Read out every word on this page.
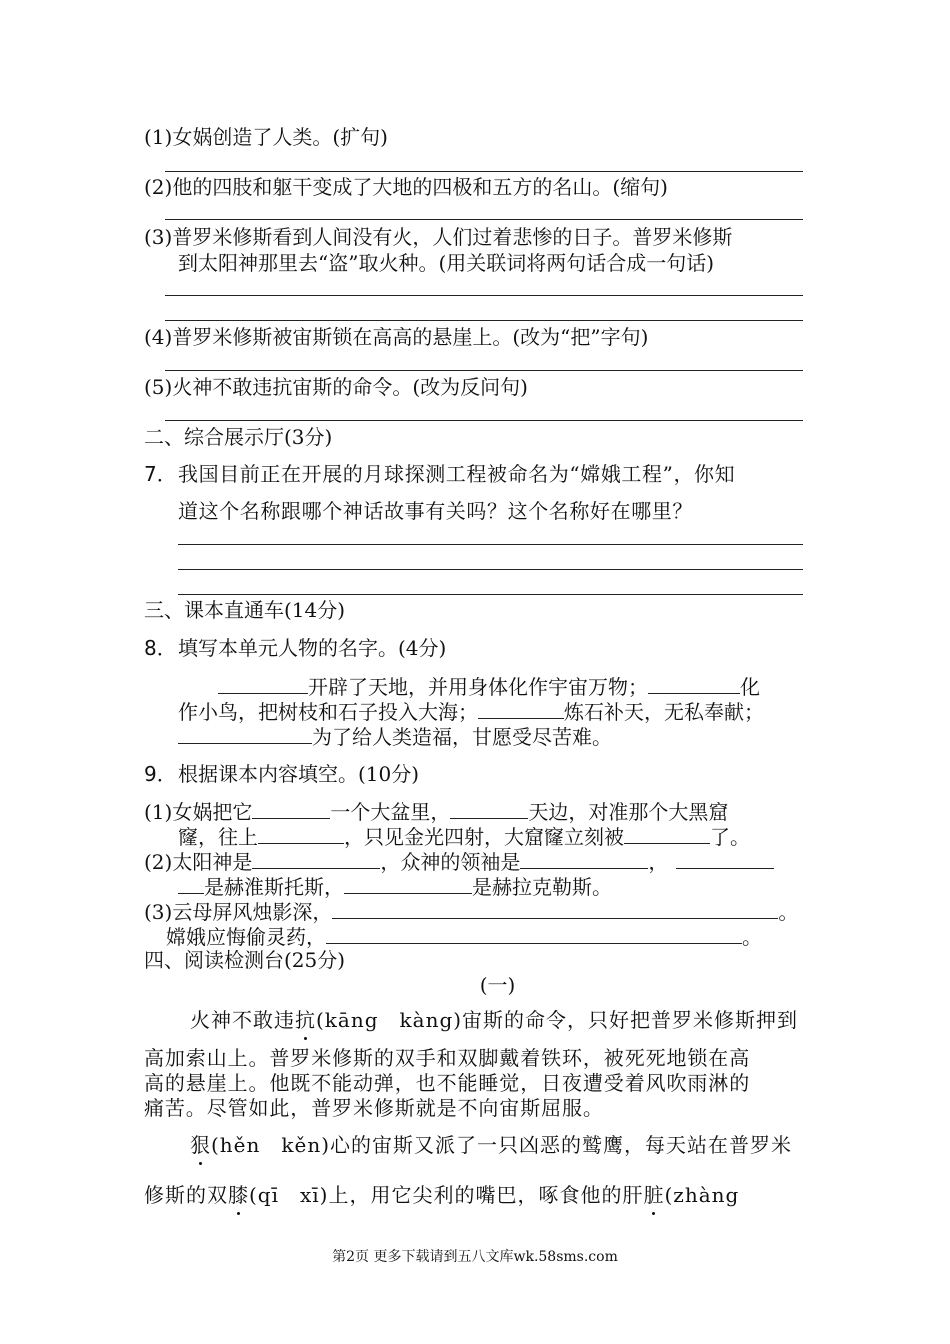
(1)女娲创造了人类。(扩句)
(2)他的四肢和躯干变成了大地的四极和五方的名山。(缩句)
(3)普罗米修斯看到人间没有火，人们过着悲惨的日子。普罗米修斯
到太阳神那里去“盗”取火种。(用关联词将两句话合成一句话)
(4)普罗米修斯被宙斯锁在高高的悬崖上。(改为“把”字句)
(5)火神不敢违抗宙斯的命令。(改为反问句)
二、综合展示厅(3分)
7． 我国目前正在开展的月球探测工程被命名为“嫦娥工程”，你知
道这个名称跟哪个神话故事有关吗？这个名称好在哪里？
三、课本直通车(14分)
8． 填写本单元人物的名字。(4分)
开辟了天地，并用身体化作宇宙万物；	化
作小鸟，把树枝和石子投入大海；	炼石补天，无私奉献；
为了给人类造福，甘愿受尽苦难。
9． 根据课本内容填空。(10分)
(1)女娲把它	一个大盆里，	天边，对准那个大黑窟
窿，往上	，只见金光四射，大窟窿立刻被	了。
(2)太阳神是	，众神的领袖是	，
是赫淮斯托斯，	是赫拉克勒斯。
(3)云母屏风烛影深，	。
嫦娥应悔偷灵药，	。
四、阅读检测台(25分)
(一)
火神不敢违抗(kāng　kàng)宙斯的命令，只好把普罗米修斯押到
高加索山上。普罗米修斯的双手和双脚戴着铁环，被死死地锁在高
高的悬崖上。他既不能动弹，也不能睡觉，日夜遭受着风吹雨淋的
痛苦。尽管如此，普罗米修斯就是不向宙斯屈服。
狠(hěn　kěn)心的宙斯又派了一只凶恶的鹫鹰，每天站在普罗米
修斯的双膝(qī　xī)上，用它尖利的嘴巴，啄食他的肝脏(zhàng
第2页 更多下载请到五八文库wk.58sms.com
